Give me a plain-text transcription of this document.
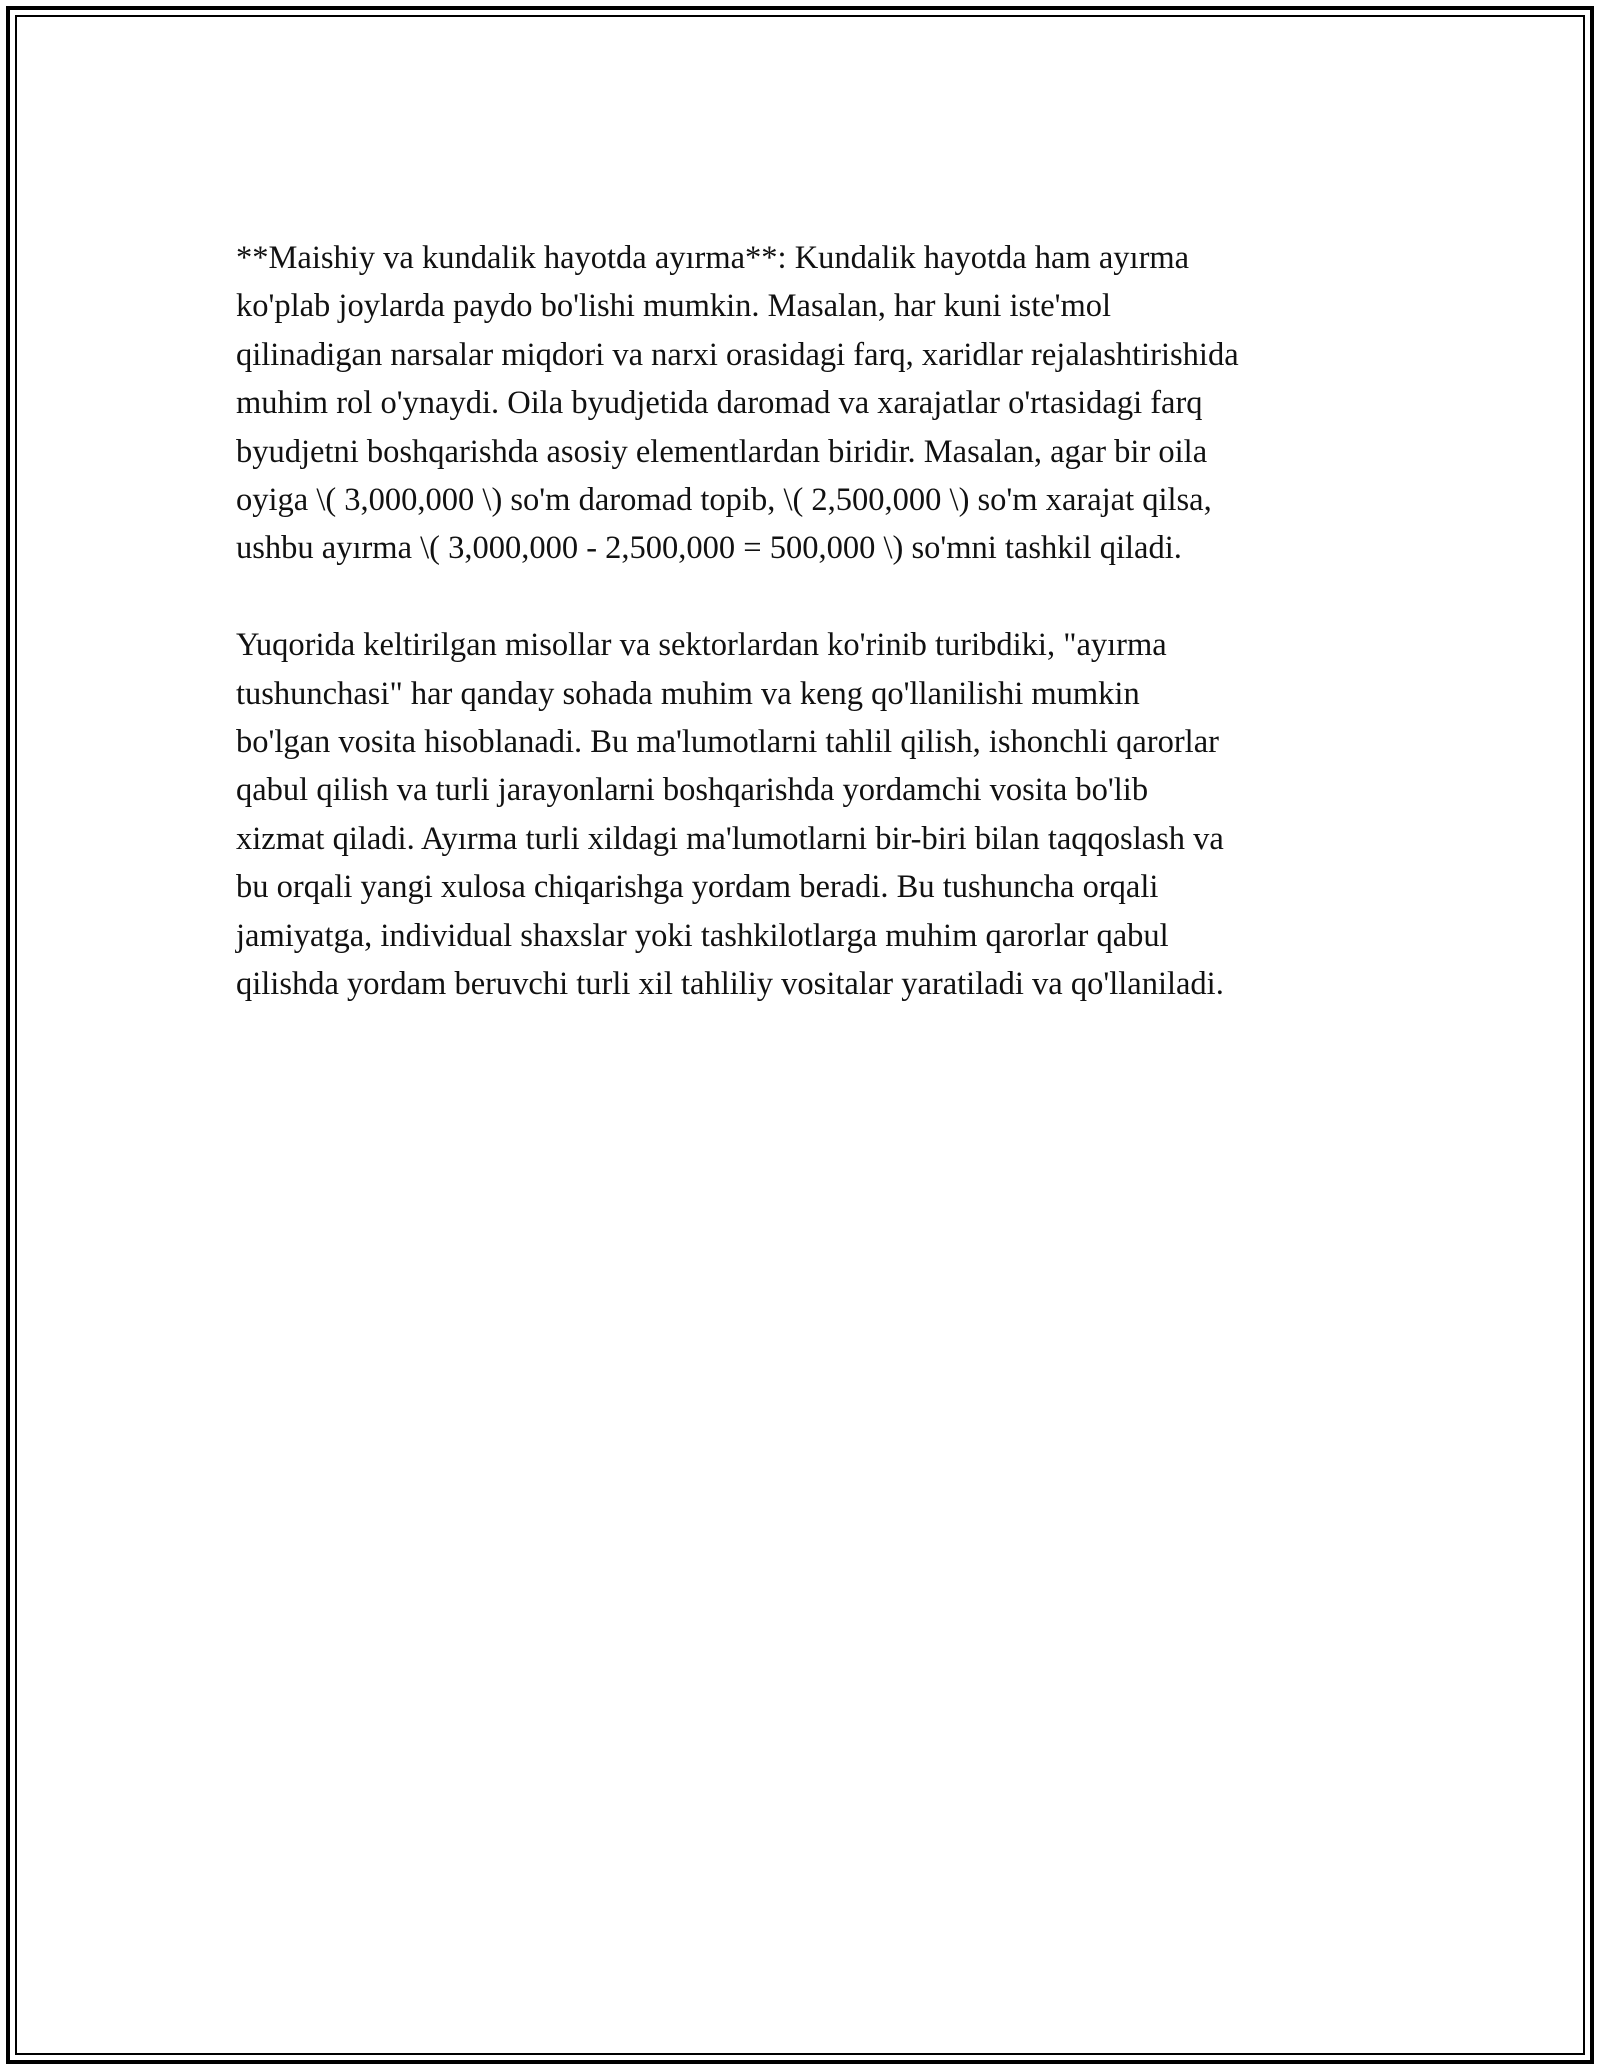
**Maishiy va kundalik hayotda ayırma**: Kundalik hayotda ham ayırma
ko'plab joylarda paydo bo'lishi mumkin. Masalan, har kuni iste'mol
qilinadigan narsalar miqdori va narxi orasidagi farq, xaridlar rejalashtirishida
muhim rol o'ynaydi. Oila byudjetida daromad va xarajatlar o'rtasidagi farq
byudjetni boshqarishda asosiy elementlardan biridir. Masalan, agar bir oila
oyiga \( 3,000,000 \) so'm daromad topib, \( 2,500,000 \) so'm xarajat qilsa,
ushbu ayırma \( 3,000,000 - 2,500,000 = 500,000 \) so'mni tashkil qiladi.

Yuqorida keltirilgan misollar va sektorlardan ko'rinib turibdiki, "ayırma
tushunchasi" har qanday sohada muhim va keng qo'llanilishi mumkin
bo'lgan vosita hisoblanadi. Bu ma'lumotlarni tahlil qilish, ishonchli qarorlar
qabul qilish va turli jarayonlarni boshqarishda yordamchi vosita bo'lib
xizmat qiladi. Ayırma turli xildagi ma'lumotlarni bir-biri bilan taqqoslash va
bu orqali yangi xulosa chiqarishga yordam beradi. Bu tushuncha orqali
jamiyatga, individual shaxslar yoki tashkilotlarga muhim qarorlar qabul
qilishda yordam beruvchi turli xil tahliliy vositalar yaratiladi va qo'llaniladi.
